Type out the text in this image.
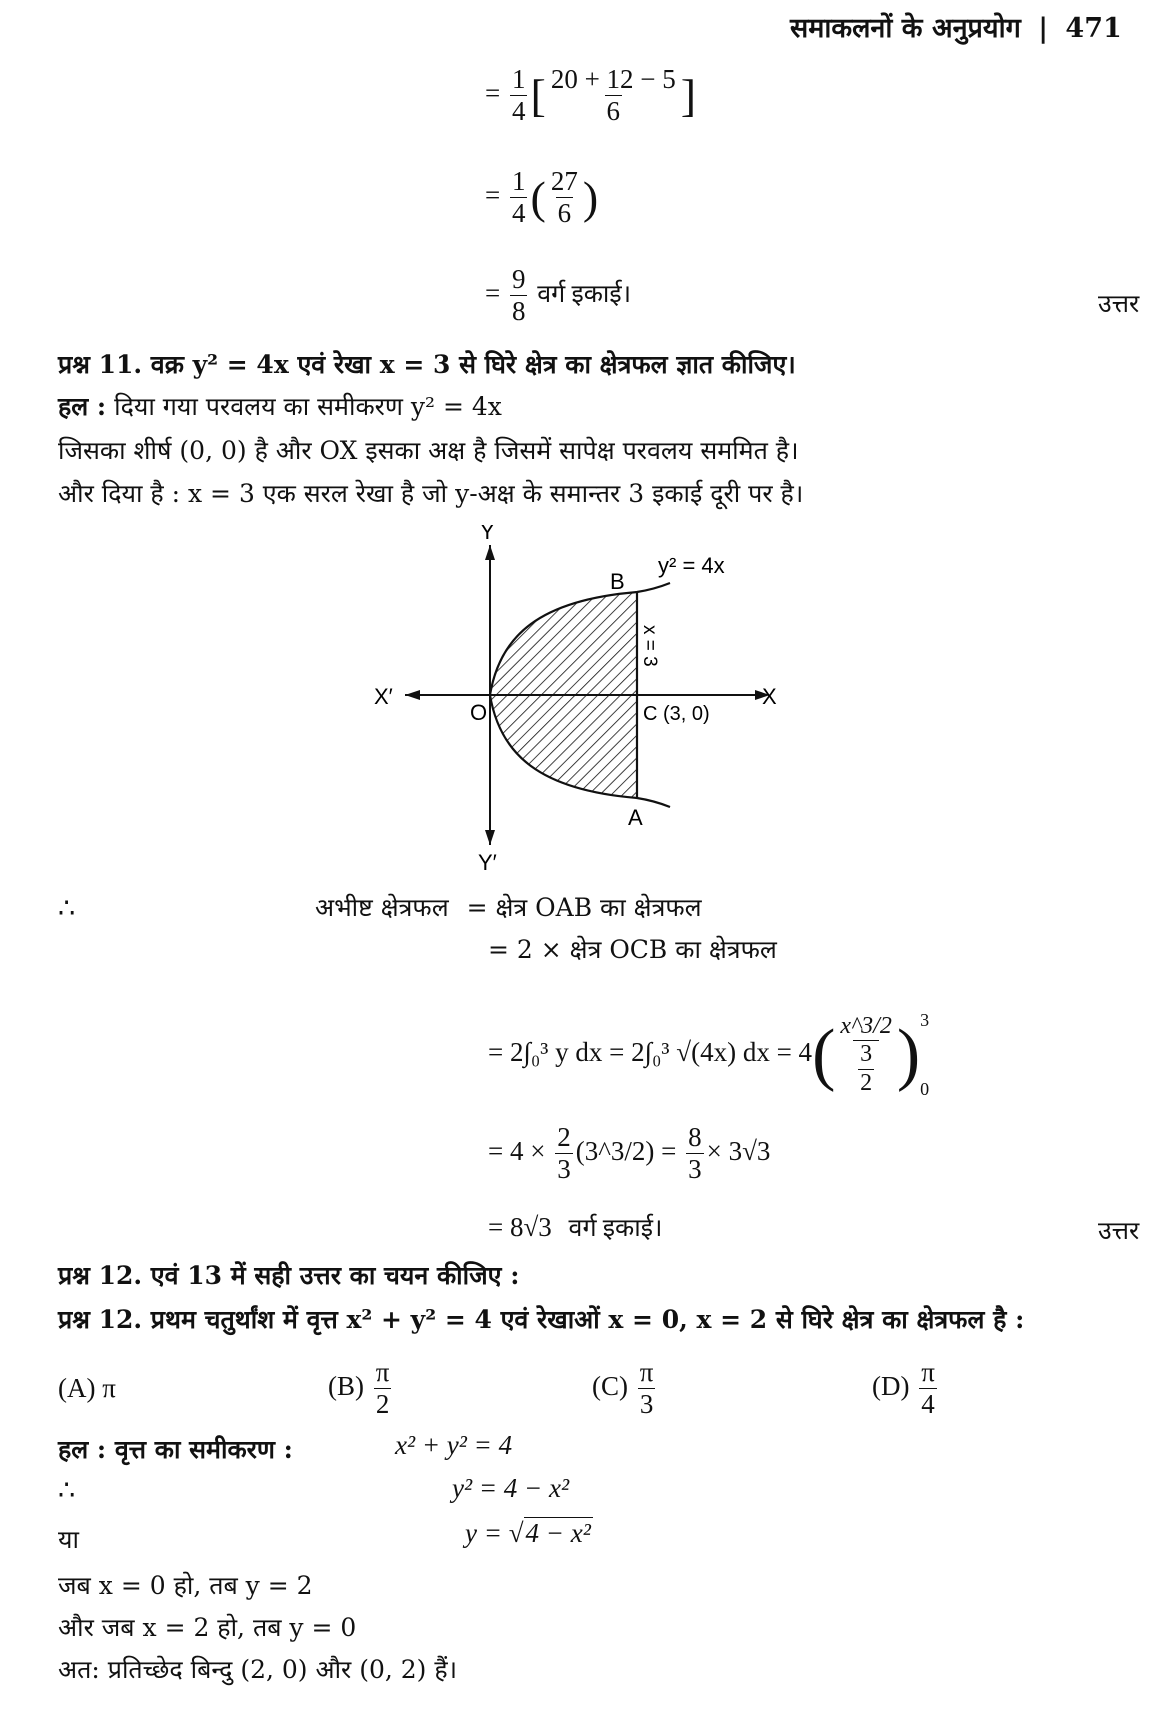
समाकलनों के अनुप्रयोग | 471
= $\frac{1}{4}$ [ $\frac{20 + 12 - 5}{6}$ ]
= $\frac{1}{4}$ ( $\frac{27}{6}$ )
= $\frac{9}{8}$ वर्ग इकाई।	उत्तर
प्रश्न 11. वक्र y² = 4x एवं रेखा x = 3 से घिरे क्षेत्र का क्षेत्रफल ज्ञात कीजिए।
हल : दिया गया परवलय का समीकरण y² = 4x
जिसका शीर्ष (0, 0) है और OX इसका अक्ष है जिसमें सापेक्ष परवलय सममित है।
और दिया है : x = 3 एक सरल रेखा है जो y-अक्ष के समान्तर 3 इकाई दूरी पर है।
Y
Y′
X
X′
O
B
A
C (3, 0)
y² = 4x
x = 3
∴	अभीष्ट क्षेत्रफल = क्षेत्र OAB का क्षेत्रफल
= 2 × क्षेत्र OCB का क्षेत्रफल
= 2∫₀³ y dx = 2∫₀³ √(4x) dx = $4( \frac{x\^{}3/2}{\frac{3}{2}}$ ) 3
0
= $4 \times \frac{2}{3}$ (3^3/2) = $\frac{8}{3} \times 3√3$
= 8√3 वर्ग इकाई।	उत्तर
प्रश्न 12. एवं 13 में सही उत्तर का चयन कीजिए :
प्रश्न 12. प्रथम चतुर्थांश में वृत्त x² + y² = 4 एवं रेखाओं x = 0, x = 2 से घिरे क्षेत्र का क्षेत्रफल है :
(A) π	$(B) \frac{\pi}{2}$	$(C) \frac{\pi}{3}$	$(D) \frac{\pi}{4}$
हल : वृत्त का समीकरण :	x² + y² = 4
∴	y² = 4 − x²
या	y = √4 − x²
जब x = 0 हो, तब y = 2
और जब x = 2 हो, तब y = 0
अत: प्रतिच्छेद बिन्दु (2, 0) और (0, 2) हैं।
